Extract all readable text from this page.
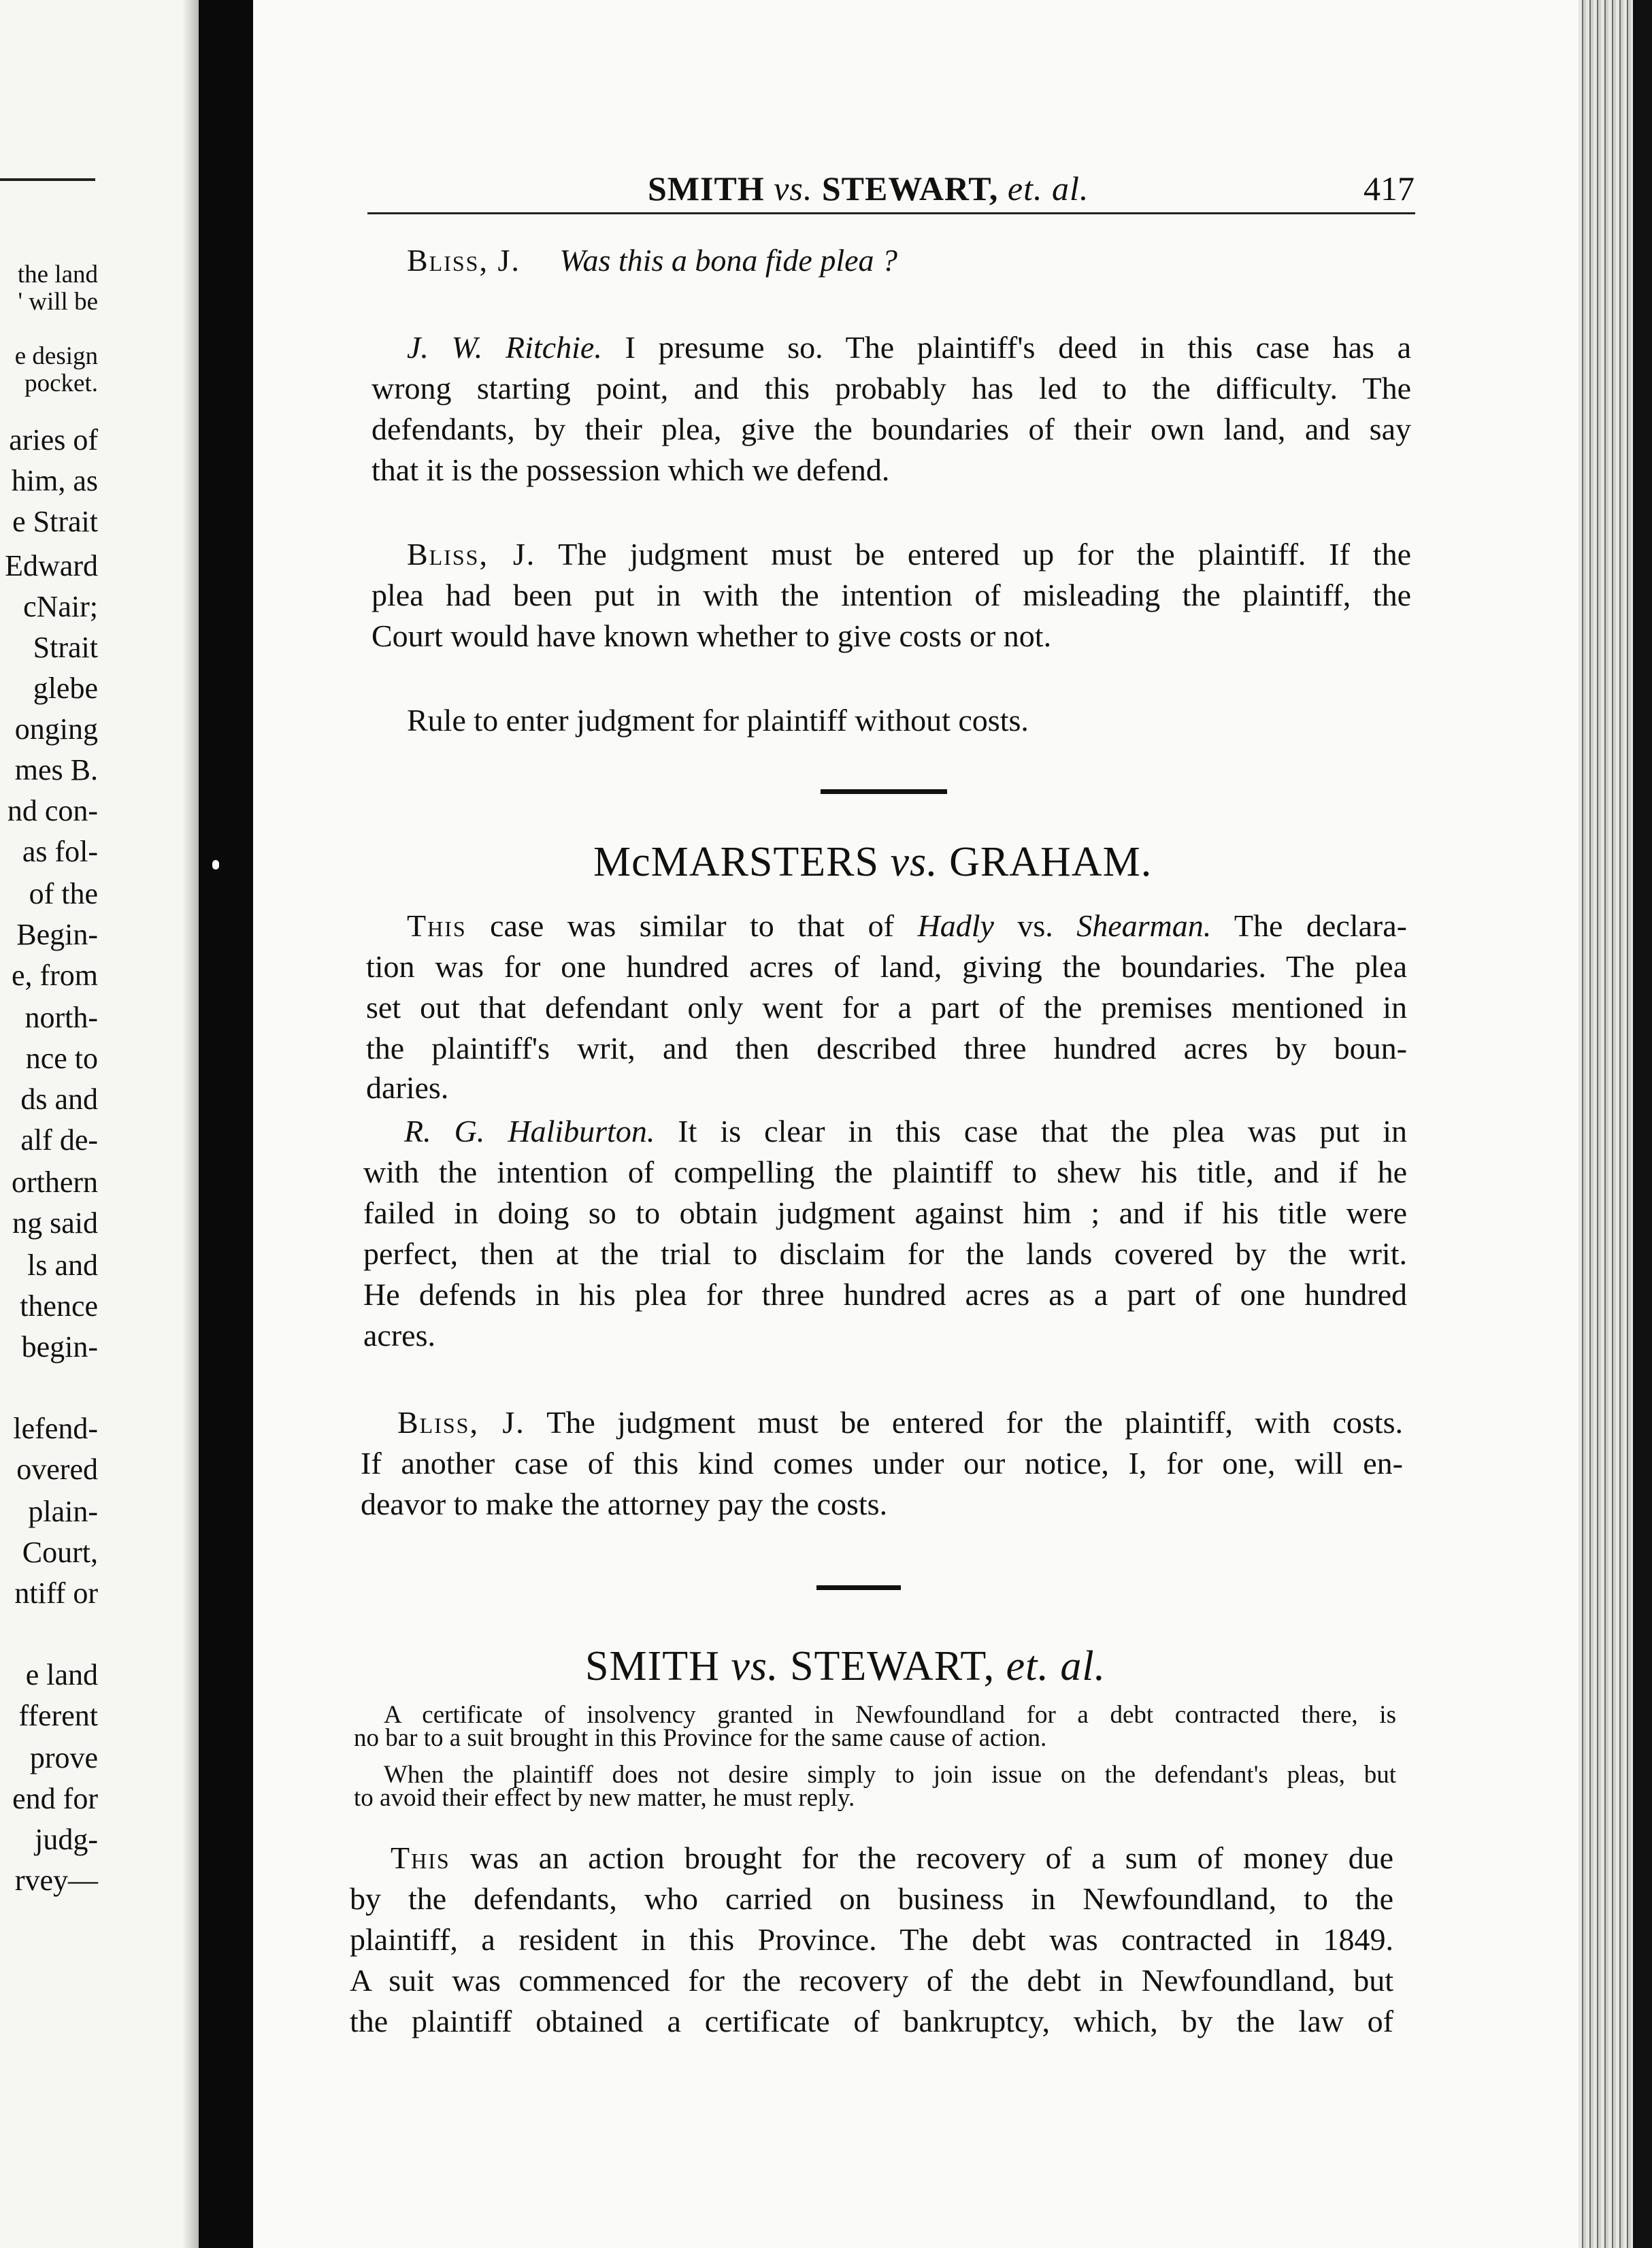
the land
' will be
e design
pocket.
aries of
him, as
e Strait
Edward
cNair;
Strait
glebe
onging
mes B.
nd con-
as fol-
of the
Begin-
e, from
north-
nce to
ds and
alf de-
orthern
ng said
ls and
thence
begin-
lefend-
overed
plain-
Court,
ntiff or
e land
fferent
prove
end for
judg-
rvey—
SMITH vs. STEWART, et. al.	417
Bliss, J. Was this a bona fide plea ?
J. W. Ritchie. I presume so. The plaintiff's deed in this case has a
wrong starting point, and this probably has led to the difficulty. The
defendants, by their plea, give the boundaries of their own land, and say
that it is the possession which we defend.
Bliss, J. The judgment must be entered up for the plaintiff. If the
plea had been put in with the intention of misleading the plaintiff, the
Court would have known whether to give costs or not.
Rule to enter judgment for plaintiff without costs.
McMARSTERS vs. GRAHAM.
This case was similar to that of Hadly vs. Shearman. The declara-
tion was for one hundred acres of land, giving the boundaries. The plea
set out that defendant only went for a part of the premises mentioned in
the plaintiff's writ, and then described three hundred acres by boun-
daries.
R. G. Haliburton. It is clear in this case that the plea was put in
with the intention of compelling the plaintiff to shew his title, and if he
failed in doing so to obtain judgment against him ; and if his title were
perfect, then at the trial to disclaim for the lands covered by the writ.
He defends in his plea for three hundred acres as a part of one hundred
acres.
Bliss, J. The judgment must be entered for the plaintiff, with costs.
If another case of this kind comes under our notice, I, for one, will en-
deavor to make the attorney pay the costs.
SMITH vs. STEWART, et. al.
A certificate of insolvency granted in Newfoundland for a debt contracted there, is
no bar to a suit brought in this Province for the same cause of action.
When the plaintiff does not desire simply to join issue on the defendant's pleas, but
to avoid their effect by new matter, he must reply.
This was an action brought for the recovery of a sum of money due
by the defendants, who carried on business in Newfoundland, to the
plaintiff, a resident in this Province. The debt was contracted in 1849.
A suit was commenced for the recovery of the debt in Newfoundland, but
the plaintiff obtained a certificate of bankruptcy, which, by the law of
